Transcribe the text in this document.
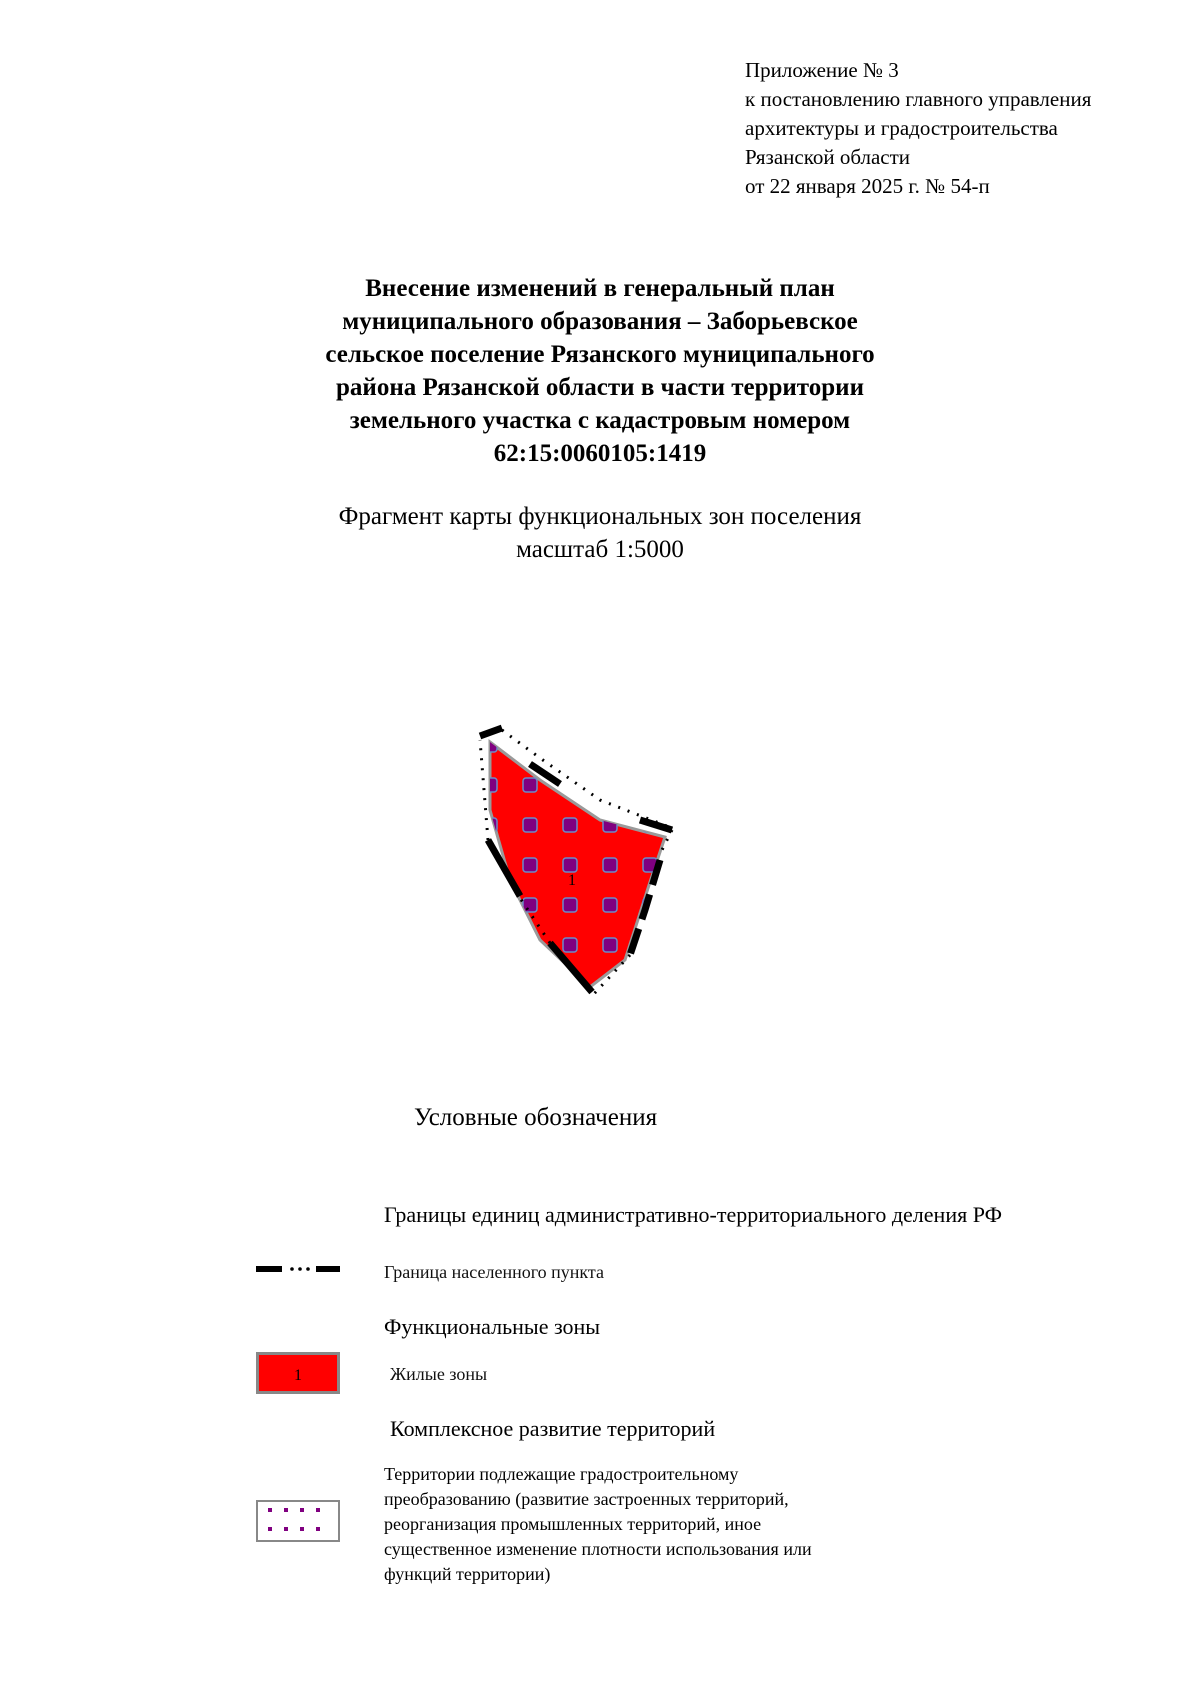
Приложение № 3
к постановлению главного управления
архитектуры и градостроительства
Рязанской области
от 22 января 2025 г. № 54-п
Внесение изменений в генеральный план
муниципального образования – Заборьевское
сельское поселение Рязанского муниципального
района Рязанской области в части территории
земельного участка с кадастровым номером
62:15:0060105:1419
Фрагмент карты функциональных зон поселения
масштаб 1:5000
1
Условные обозначения
Границы единиц административно-территориального деления РФ
Граница населенного пункта
Функциональные зоны
1	Жилые зоны
Комплексное развитие территорий
Территории подлежащие градостроительному
преобразованию (развитие застроенных территорий,
реорганизация промышленных территорий, иное
существенное изменение плотности использования или
функций территории)
